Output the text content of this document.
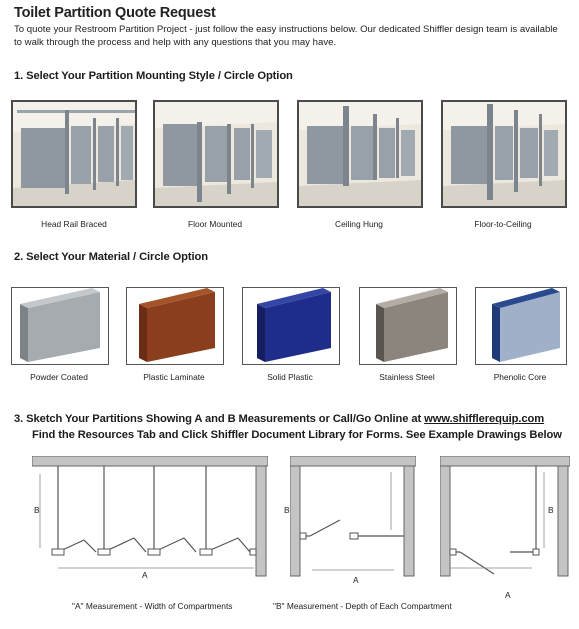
Toilet Partition Quote Request
To quote your Restroom Partition Project - just follow the easy instructions below. Our dedicated Shiffler design team is available to walk through the process and help with any questions that you may have.
1. Select Your Partition Mounting Style / Circle Option
Head Rail Braced	Floor Mounted	Ceiling Hung	Floor-to-Ceiling
2. Select Your Material / Circle Option
Powder Coated	Plastic Laminate	Solid Plastic	Stainless Steel	Phenolic Core
3. Sketch Your Partitions Showing A and B Measurements or Call/Go Online at www.shifflerequip.com
Find the Resources Tab and Click Shiffler Document Library for Forms. See Example Drawings Below
B
A	A
B
A
B
"A" Measurement - Width of Compartments	"B" Measurement - Depth of Each Compartment
